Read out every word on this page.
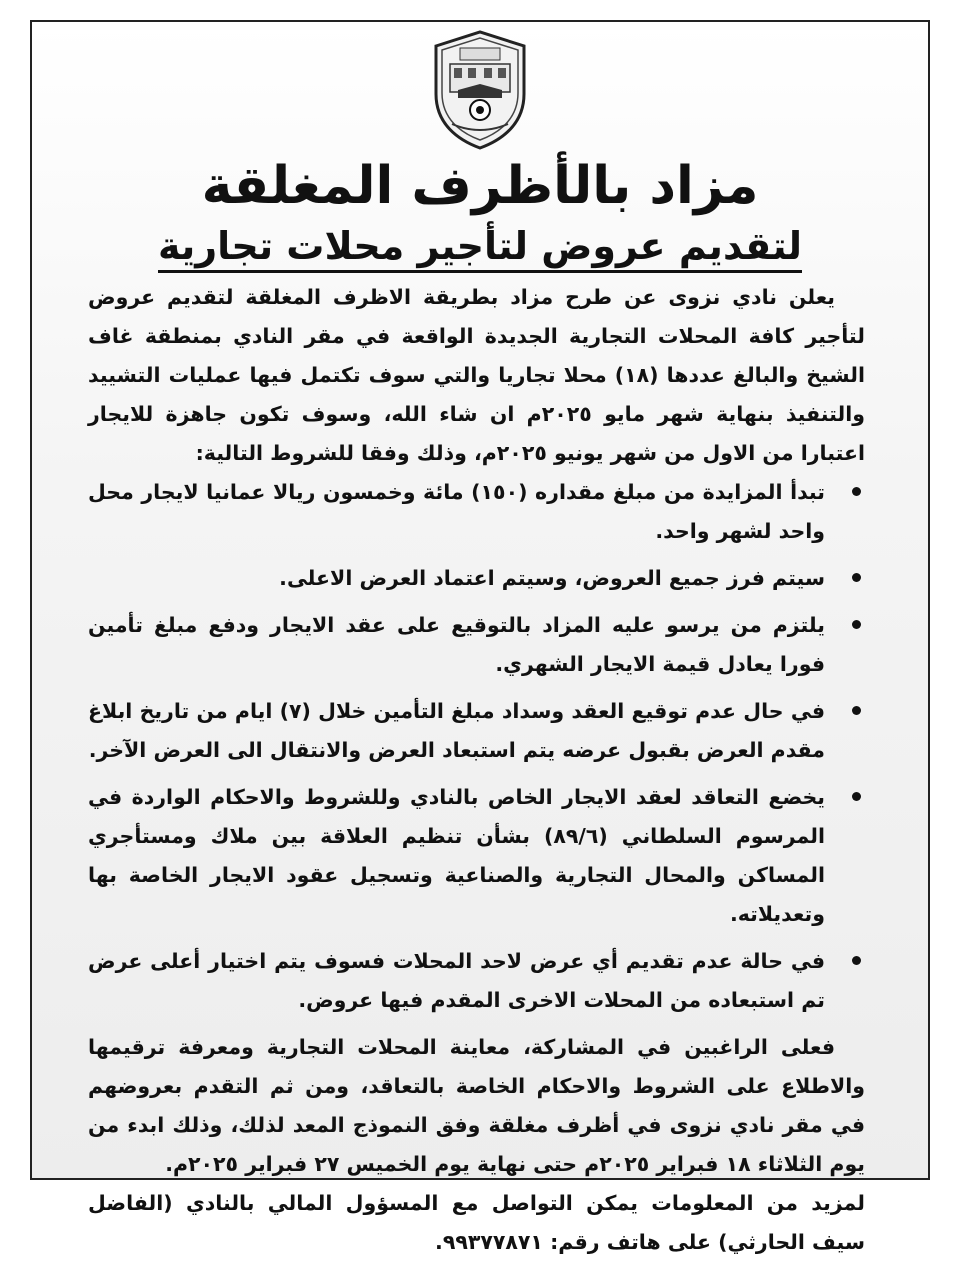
مزاد بالأظرف المغلقة
لتقديم عروض لتأجير محلات تجارية

يعلن نادي نزوى عن طرح مزاد بطريقة الاظرف المغلقة لتقديم عروض لتأجير كافة المحلات التجارية الجديدة الواقعة في مقر النادي بمنطقة غاف الشيخ والبالغ عددها (١٨) محلا تجاريا والتي سوف تكتمل فيها عمليات التشييد والتنفيذ بنهاية شهر مايو ٢٠٢٥م ان شاء الله، وسوف تكون جاهزة للايجار اعتبارا من الاول من شهر يونيو ٢٠٢٥م، وذلك وفقا للشروط التالية:

تبدأ المزايدة من مبلغ مقداره (١٥٠) مائة وخمسون ريالا عمانيا لايجار محل واحد لشهر واحد.
سيتم فرز جميع العروض، وسيتم اعتماد العرض الاعلى.
يلتزم من يرسو عليه المزاد بالتوقيع على عقد الايجار ودفع مبلغ تأمين فورا يعادل قيمة الايجار الشهري.
في حال عدم توقيع العقد وسداد مبلغ التأمين خلال (٧) ايام من تاريخ ابلاغ مقدم العرض بقبول عرضه يتم استبعاد العرض والانتقال الى العرض الآخر.
يخضع التعاقد لعقد الايجار الخاص بالنادي وللشروط والاحكام الواردة في المرسوم السلطاني (٨٩/٦) بشأن تنظيم العلاقة بين ملاك ومستأجري المساكن والمحال التجارية والصناعية وتسجيل عقود الايجار الخاصة بها وتعديلاته.
في حالة عدم تقديم أي عرض لاحد المحلات فسوف يتم اختيار أعلى عرض تم استبعاده من المحلات الاخرى المقدم فيها عروض.

فعلى الراغبين في المشاركة، معاينة المحلات التجارية ومعرفة ترقيمها والاطلاع على الشروط والاحكام الخاصة بالتعاقد، ومن ثم التقدم بعروضهم في مقر نادي نزوى في أظرف مغلقة وفق النموذج المعد لذلك، وذلك ابدء من يوم الثلاثاء ١٨ فبراير ٢٠٢٥م حتى نهاية يوم الخميس ٢٧ فبراير ٢٠٢٥م.

لمزيد من المعلومات يمكن التواصل مع المسؤول المالي بالنادي (الفاضل سيف الحارثي) على هاتف رقم: ٩٩٣٧٧٨٧١.
